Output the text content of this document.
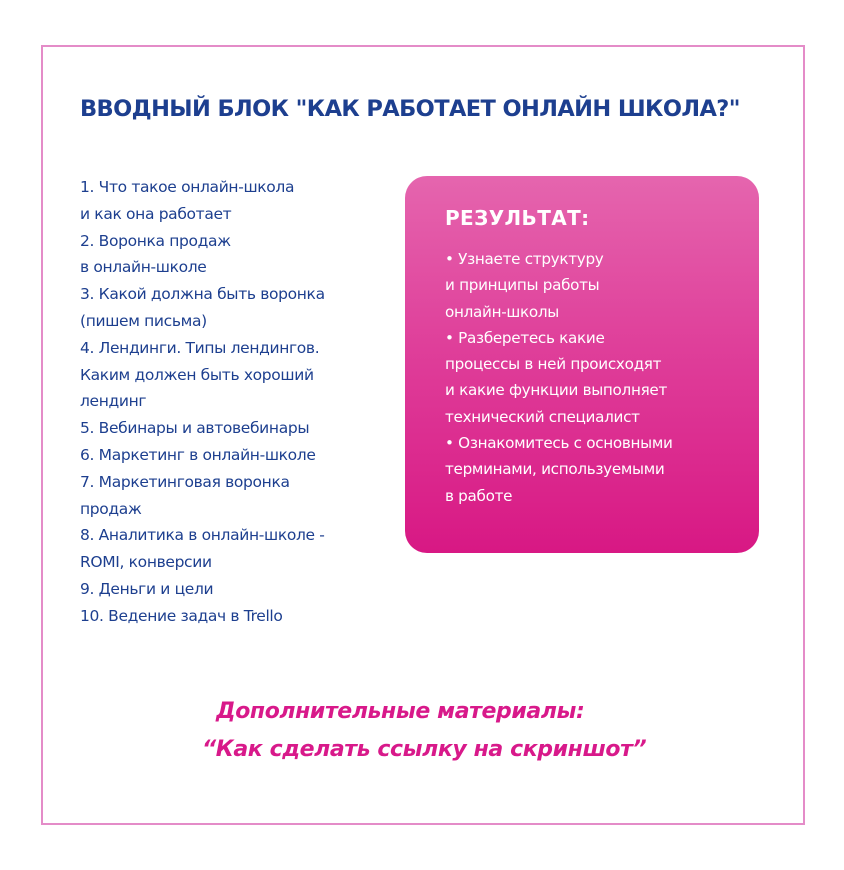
ВВОДНЫЙ БЛОК "КАК РАБОТАЕТ ОНЛАЙН ШКОЛА?"
1. Что такое онлайн-школа
и как она работает
2. Воронка продаж
в онлайн-школе
3. Какой должна быть воронка
(пишем письма)
4. Лендинги. Типы лендингов.
Каким должен быть хороший
лендинг
5. Вебинары и автовебинары
6. Маркетинг в онлайн-школе
7. Маркетинговая воронка
продаж
8. Аналитика в онлайн-школе -
ROMI, конверсии
9. Деньги и цели
10. Ведение задач в Trello
РЕЗУЛЬТАТ:
• Узнаете структуру
и принципы работы
онлайн-школы
• Разберетесь какие
процессы в ней происходят
и какие функции выполняет
технический специалист
• Ознакомитесь с основными
терминами, используемыми
в работе

Дополнительные материалы:

“Как сделать ссылку на скриншот”
